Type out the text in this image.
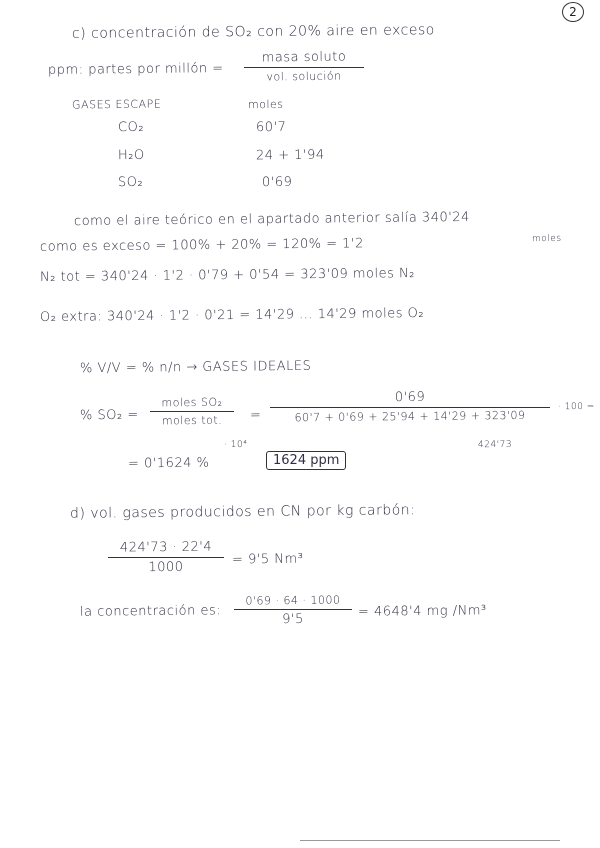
2
c) concentración de SO₂ con 20% aire en exceso
ppm: partes por millón =
masa soluto
vol. solución
GASES ESCAPE	moles
CO₂	60'7
H₂O	24 + 1'94
SO₂	0'69
como el aire teórico en el apartado anterior salía 340'24
moles
como es exceso = 100% + 20% = 120% = 1'2
N₂ tot = 340'24 · 1'2 · 0'79 + 0'54 = 323'09 moles N₂
O₂ extra: 340'24 · 1'2 · 0'21 = 14'29 ... 14'29 moles O₂
% V/V = % n/n → GASES IDEALES
% SO₂ =
moles SO₂
moles tot.	=
0'69
60'7 + 0'69 + 25'94 + 14'29 + 323'09
· 100 =
424'73
= 0'1624 %
· 10⁴
1624 ppm
d) vol. gases producidos en CN por kg carbón:
424'73 · 22'4
1000
= 9'5 Nm³
la concentración es:
0'69 · 64 · 1000
9'5	= 4648'4 mg /Nm³
